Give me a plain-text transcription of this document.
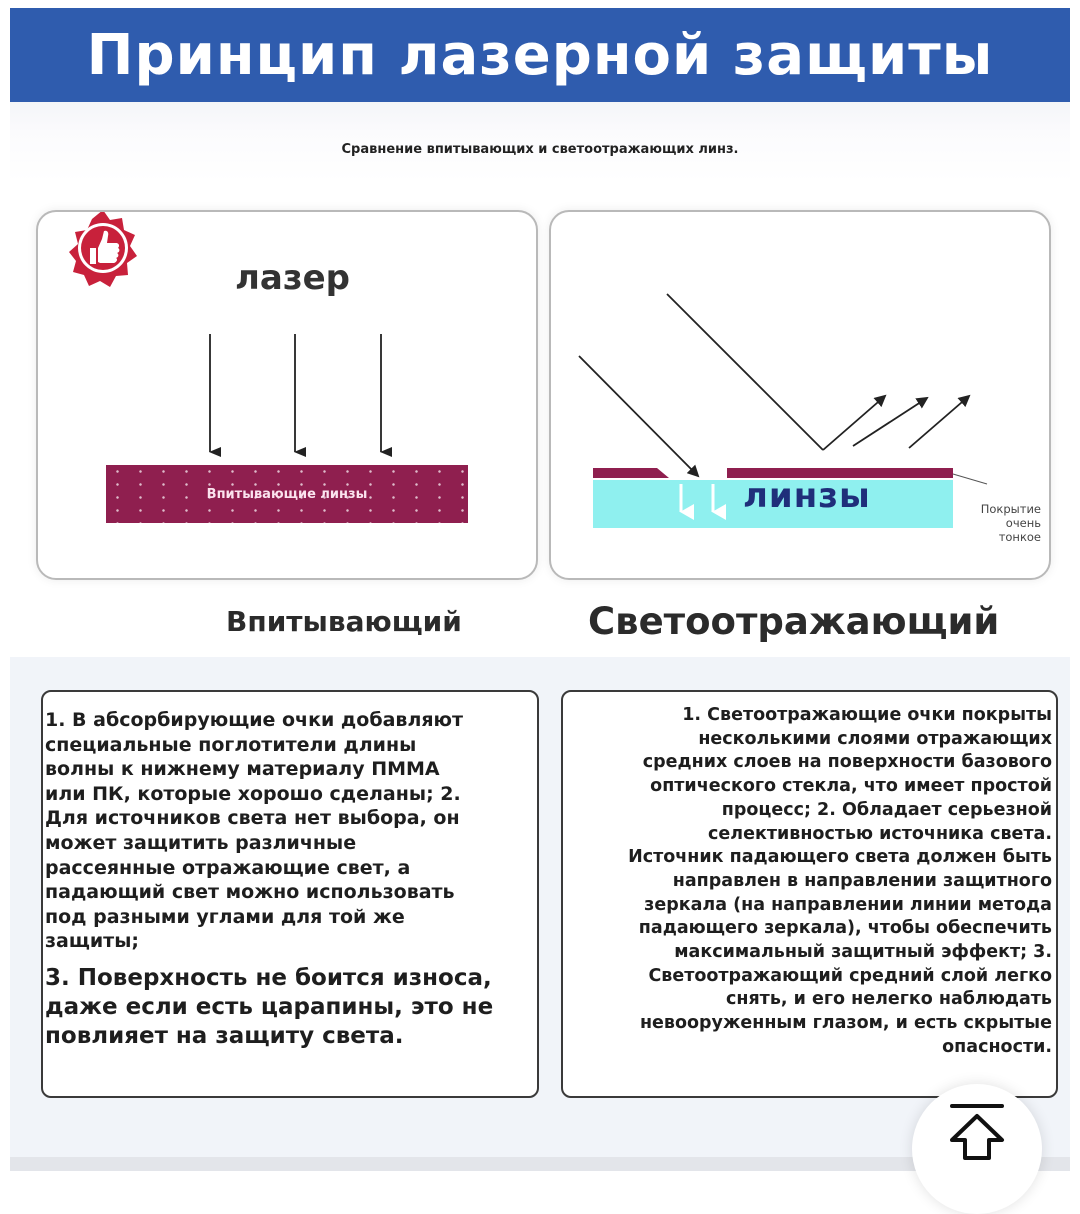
Принцип лазерной защиты
Сравнение впитывающих и светоотражающих линз.
лазер
Впитывающие линзы	линзы	Покрытие
очень
тонкое
Впитывающий	Светоотражающий

1. В абсорбирующие очки добавляют

специальные поглотители длины

волны к нижнему материалу ПММА

или ПК, которые хорошо сделаны; 2.

Для источников света нет выбора, он

может защитить различные

рассеянные отражающие свет, а

падающий свет можно использовать

под разными углами для той же

защиты;

3. Поверхность не боится износа,

даже если есть царапины, это не

повлияет на защиту света.

1. Светоотражающие очки покрыты

несколькими слоями отражающих

средних слоев на поверхности базового

оптического стекла, что имеет простой

процесс; 2. Обладает серьезной

селективностью источника света.

Источник падающего света должен быть

направлен в направлении защитного

зеркала (на направлении линии метода

падающего зеркала), чтобы обеспечить

максимальный защитный эффект; 3.

Светоотражающий средний слой легко

снять, и его нелегко наблюдать

невооруженным глазом, и есть скрытые

опасности.
